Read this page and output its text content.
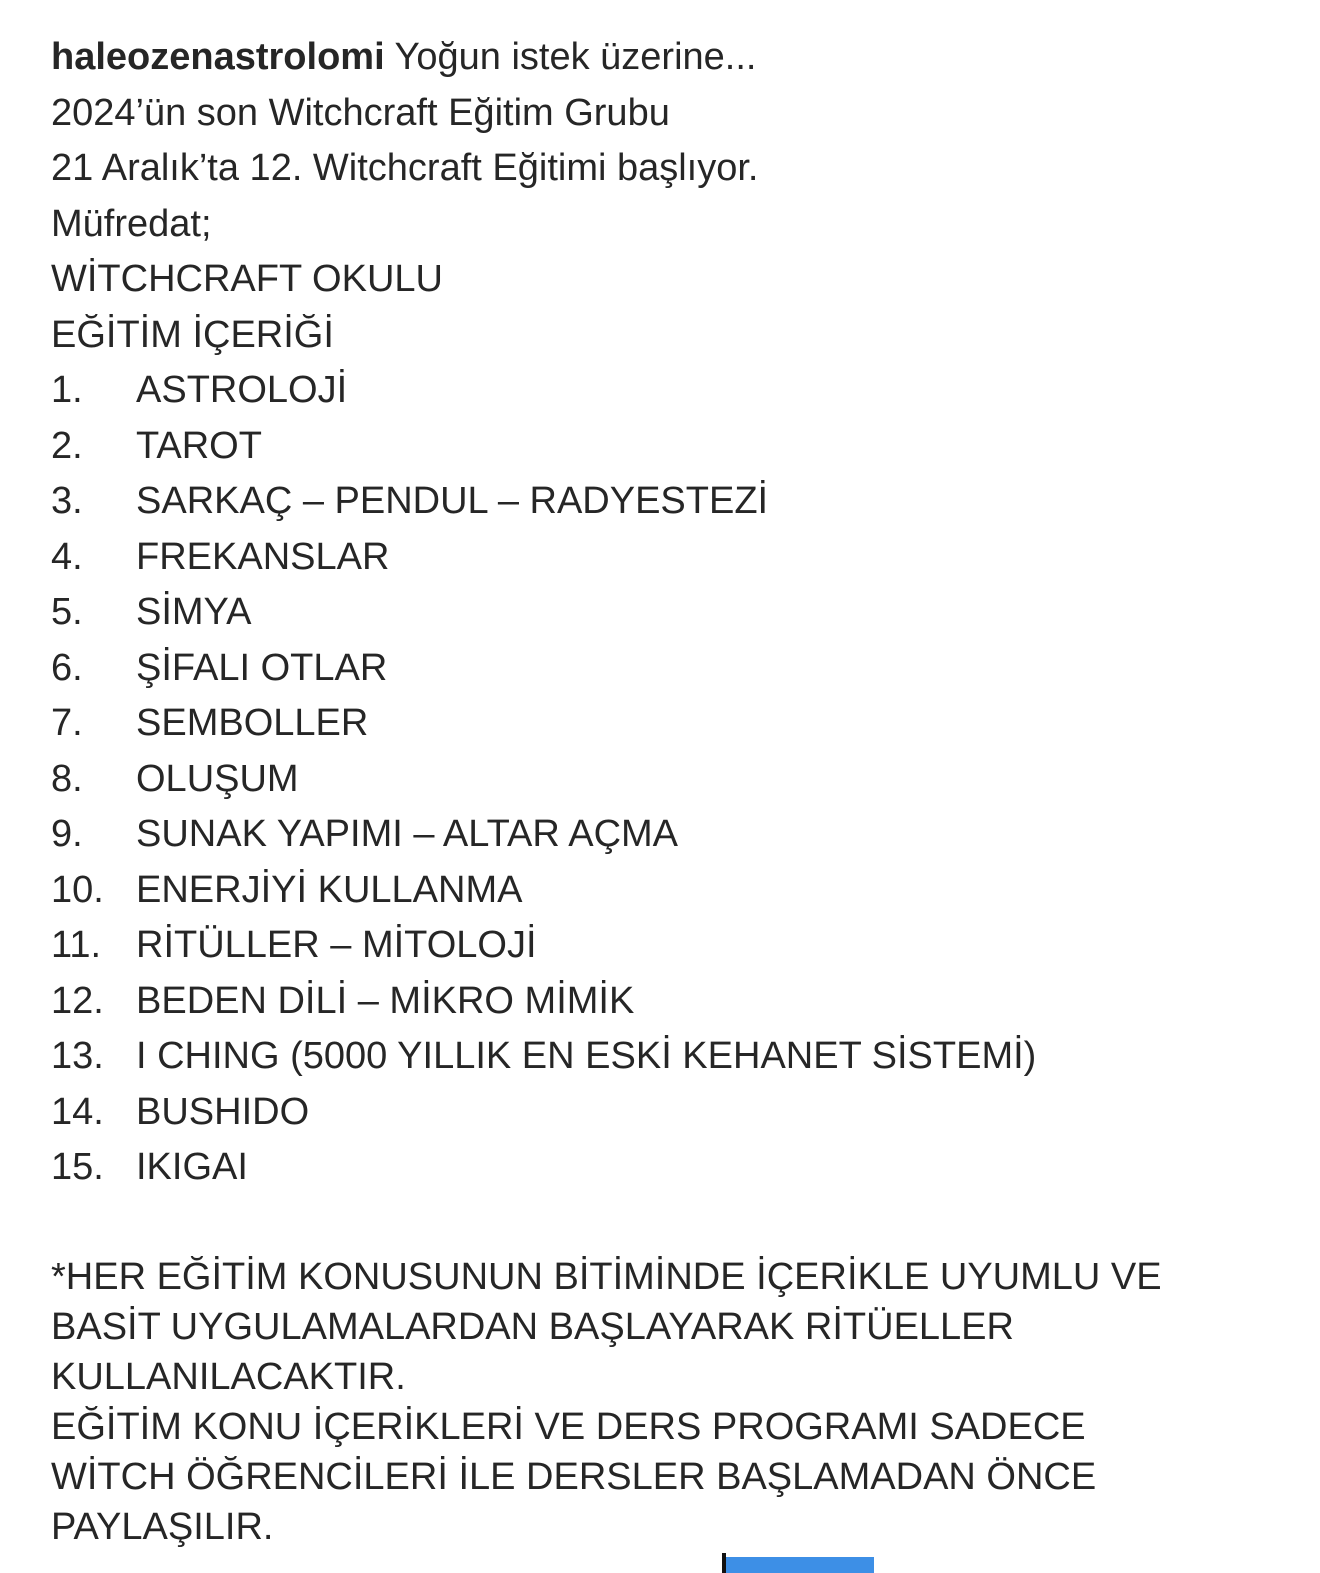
haleozenastrolomi Yoğun istek üzerine...
2024’ün son Witchcraft Eğitim Grubu
21 Aralık’ta 12. Witchcraft Eğitimi başlıyor.
Müfredat;
WİTCHCRAFT OKULU
EĞİTİM İÇERİĞİ
1.	ASTROLOJİ
2.	TAROT
3.	SARKAÇ – PENDUL – RADYESTEZİ
4.	FREKANSLAR
5.	SİMYA
6.	ŞİFALI OTLAR
7.	SEMBOLLER
8.	OLUŞUM
9.	SUNAK YAPIMI – ALTAR AÇMA
10. ENERJİYİ KULLANMA
11. RİTÜLLER – MİTOLOJİ
12. BEDEN DİLİ – MİKRO MİMİK
13. I CHING (5000 YILLIK EN ESKİ KEHANET SİSTEMİ)
14. BUSHIDO
15. IKIGAI
*HER EĞİTİM KONUSUNUN BİTİMİNDE İÇERİKLE UYUMLU VE
BASİT UYGULAMALARDAN BAŞLAYARAK RİTÜELLER
KULLANILACAKTIR.
EĞİTİM KONU İÇERİKLERİ VE DERS PROGRAMI SADECE
WİTCH ÖĞRENCİLERİ İLE DERSLER BAŞLAMADAN ÖNCE
PAYLAŞILIR.
